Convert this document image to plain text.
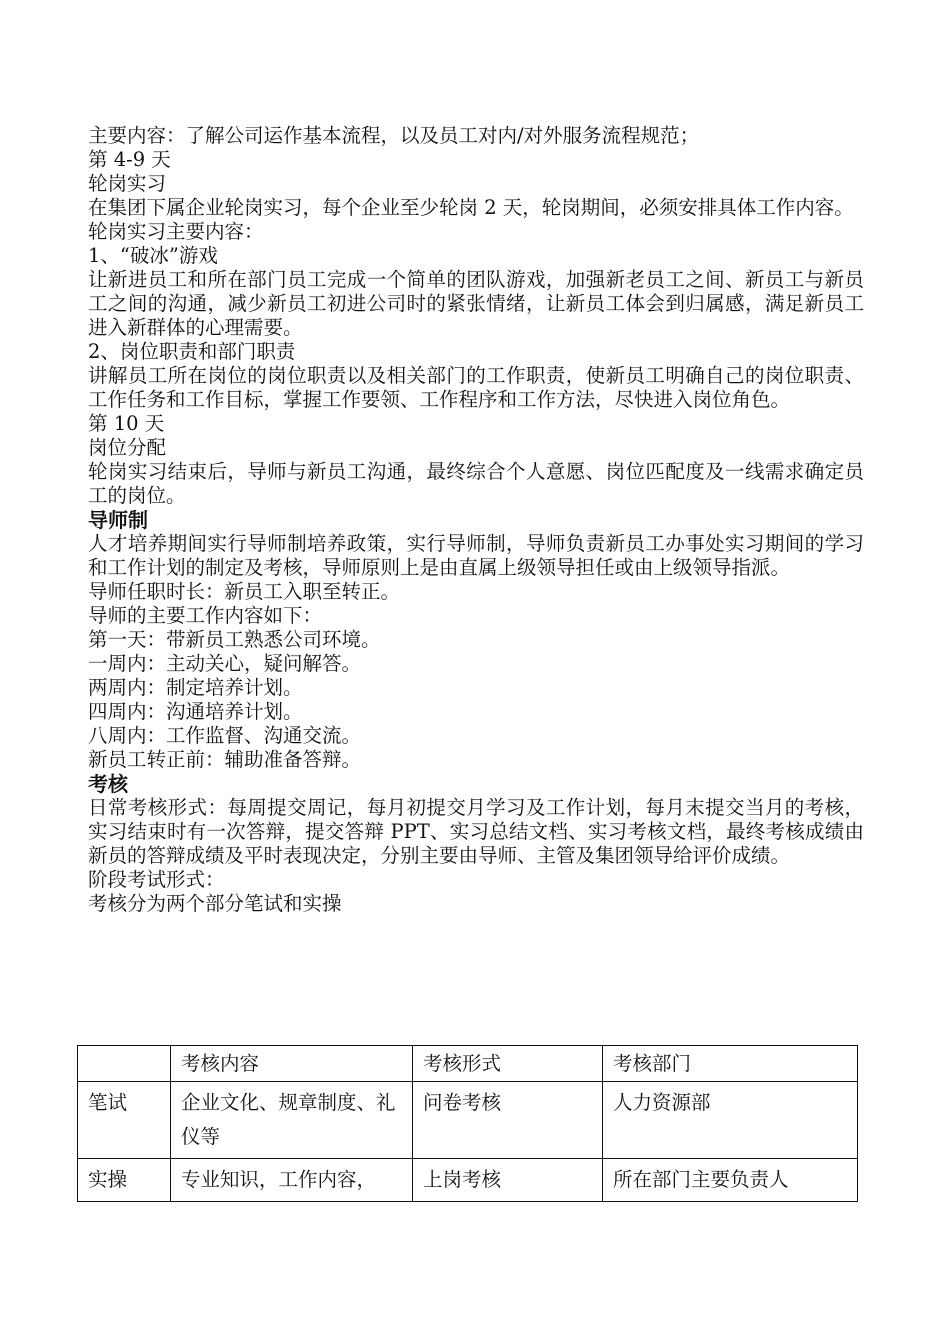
主要内容：了解公司运作基本流程，以及员工对内/对外服务流程规范；

第 4-9 天

轮岗实习

在集团下属企业轮岗实习，每个企业至少轮岗 2 天，轮岗期间，必须安排具体工作内容。

轮岗实习主要内容：

1、“破冰”游戏

让新进员工和所在部门员工完成一个简单的团队游戏，加强新老员工之间、新员工与新员工之间的沟通，减少新员工初进公司时的紧张情绪，让新员工体会到归属感，满足新员工进入新群体的心理需要。

2、岗位职责和部门职责

讲解员工所在岗位的岗位职责以及相关部门的工作职责，使新员工明确自己的岗位职责、工作任务和工作目标，掌握工作要领、工作程序和工作方法，尽快进入岗位角色。

第 10 天

岗位分配

轮岗实习结束后，导师与新员工沟通，最终综合个人意愿、岗位匹配度及一线需求确定员工的岗位。

导师制

人才培养期间实行导师制培养政策，实行导师制，导师负责新员工办事处实习期间的学习和工作计划的制定及考核，导师原则上是由直属上级领导担任或由上级领导指派。

导师任职时长：新员工入职至转正。

导师的主要工作内容如下：

第一天：带新员工熟悉公司环境。

一周内：主动关心，疑问解答。

两周内：制定培养计划。

四周内：沟通培养计划。

八周内：工作监督、沟通交流。

新员工转正前：辅助准备答辩。

考核

日常考核形式：每周提交周记，每月初提交月学习及工作计划，每月末提交当月的考核，实习结束时有一次答辩，提交答辩 PPT、实习总结文档、实习考核文档，最终考核成绩由新员的答辩成绩及平时表现决定，分别主要由导师、主管及集团领导给评价成绩。

阶段考试形式：

考核分为两个部分笔试和实操

	考核内容	考核形式	考核部门
笔试	企业文化、规章制度、礼仪等	问卷考核	人力资源部
实操	专业知识，工作内容，	上岗考核	所在部门主要负责人
